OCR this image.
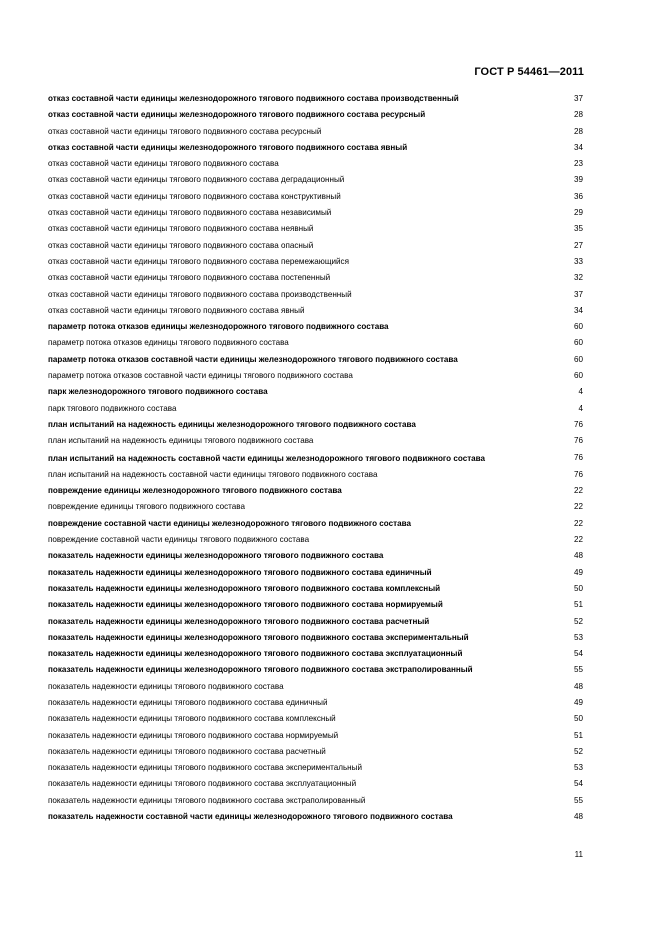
ГОСТ Р 54461—2011
отказ составной части единицы железнодорожного тягового подвижного состава производственный	37
отказ составной части единицы железнодорожного тягового подвижного состава ресурсный	28
отказ составной части единицы тягового подвижного состава ресурсный	28
отказ составной части единицы железнодорожного тягового подвижного состава явный	34
отказ составной части единицы тягового подвижного состава	23
отказ составной части единицы тягового подвижного состава деградационный	39
отказ составной части единицы тягового подвижного состава конструктивный	36
отказ составной части единицы тягового подвижного состава независимый	29
отказ составной части единицы тягового подвижного состава неявный	35
отказ составной части единицы тягового подвижного состава опасный	27
отказ составной части единицы тягового подвижного состава перемежающийся	33
отказ составной части единицы тягового подвижного состава постепенный	32
отказ составной части единицы тягового подвижного состава производственный	37
отказ составной части единицы тягового подвижного состава явный	34
параметр потока отказов единицы железнодорожного тягового подвижного состава	60
параметр потока отказов единицы тягового подвижного состава	60
параметр потока отказов составной части единицы железнодорожного тягового подвижного состава	60
параметр потока отказов составной части единицы тягового подвижного состава	60
парк железнодорожного тягового подвижного состава	4
парк тягового подвижного состава	4
план испытаний на надежность единицы железнодорожного тягового подвижного состава	76
план испытаний на надежность единицы тягового подвижного состава	76
план испытаний на надежность составной части единицы железнодорожного тягового подвижного состава	76
план испытаний на надежность составной части единицы тягового подвижного состава	76
повреждение единицы железнодорожного тягового подвижного состава	22
повреждение единицы тягового подвижного состава	22
повреждение составной части единицы железнодорожного тягового подвижного состава	22
повреждение составной части единицы тягового подвижного состава	22
показатель надежности единицы железнодорожного тягового подвижного состава	48
показатель надежности единицы железнодорожного тягового подвижного состава единичный	49
показатель надежности единицы железнодорожного тягового подвижного состава комплексный	50
показатель надежности единицы железнодорожного тягового подвижного состава нормируемый	51
показатель надежности единицы железнодорожного тягового подвижного состава расчетный	52
показатель надежности единицы железнодорожного тягового подвижного состава экспериментальный	53
показатель надежности единицы железнодорожного тягового подвижного состава эксплуатационный	54
показатель надежности единицы железнодорожного тягового подвижного состава экстраполированный	55
показатель надежности единицы тягового подвижного состава	48
показатель надежности единицы тягового подвижного состава единичный	49
показатель надежности единицы тягового подвижного состава комплексный	50
показатель надежности единицы тягового подвижного состава нормируемый	51
показатель надежности единицы тягового подвижного состава расчетный	52
показатель надежности единицы тягового подвижного состава экспериментальный	53
показатель надежности единицы тягового подвижного состава эксплуатационный	54
показатель надежности единицы тягового подвижного состава экстраполированный	55
показатель надежности составной части единицы железнодорожного тягового подвижного состава	48
11
